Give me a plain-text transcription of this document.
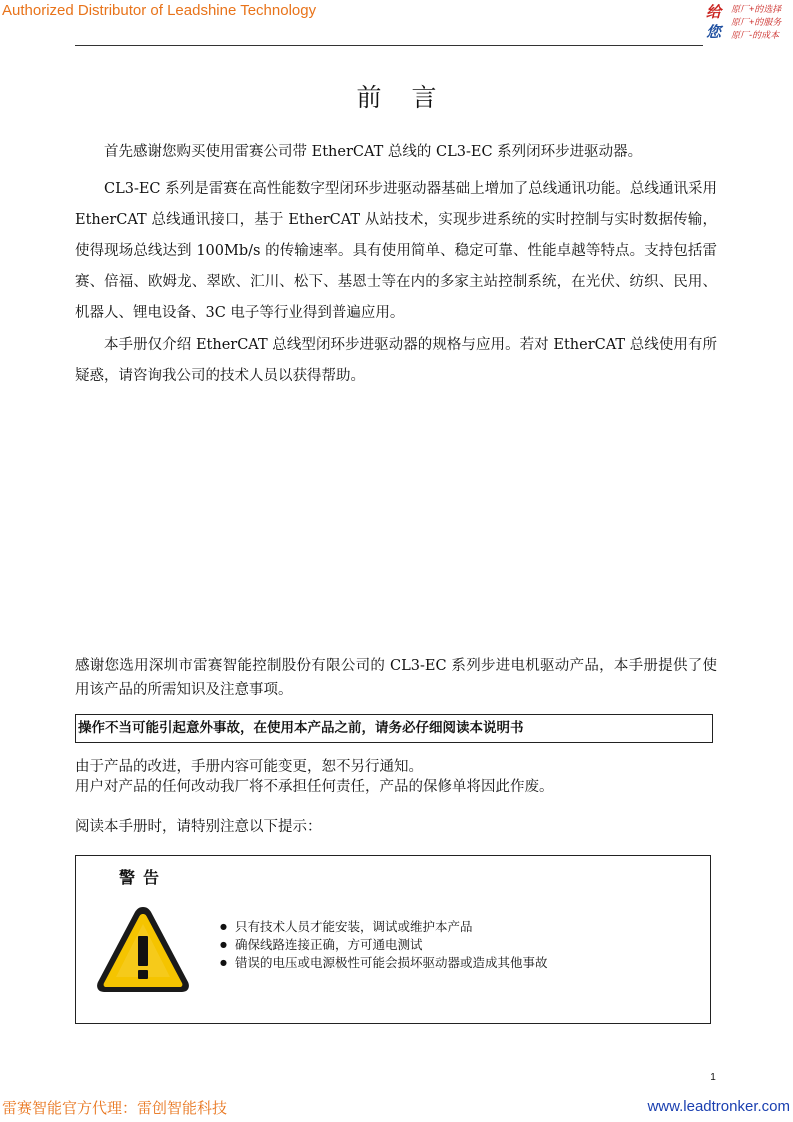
Authorized Distributor of Leadshine Technology	给
您
原厂+的选择
原厂+的服务
原厂-的成本
前言

首先感谢您购买使用雷赛公司带 EtherCAT 总线的 CL3-EC 系列闭环步进驱动器。

CL3-EC 系列是雷赛在高性能数字型闭环步进驱动器基础上增加了总线通讯功能。总线通讯采用 EtherCAT 总线通讯接口，基于 EtherCAT 从站技术，实现步进系统的实时控制与实时数据传输，使得现场总线达到 100Mb/s 的传输速率。具有使用简单、稳定可靠、性能卓越等特点。支持包括雷赛、倍福、欧姆龙、翠欧、汇川、松下、基恩士等在内的多家主站控制系统，在光伏、纺织、民用、机器人、锂电设备、3C 电子等行业得到普遍应用。

本手册仅介绍 EtherCAT 总线型闭环步进驱动器的规格与应用。若对 EtherCAT 总线使用有所疑惑，请咨询我公司的技术人员以获得帮助。

感谢您选用深圳市雷赛智能控制股份有限公司的 CL3-EC 系列步进电机驱动产品，本手册提供了使用该产品的所需知识及注意事项。

操作不当可能引起意外事故，在使用本产品之前，请务必仔细阅读本说明书

由于产品的改进，手册内容可能变更，恕不另行通知。

用户对产品的任何改动我厂将不承担任何责任，产品的保修单将因此作废。

阅读本手册时，请特别注意以下提示：

警告
● 只有技术人员才能安装，调试或维护本产品
● 确保线路连接正确，方可通电测试
● 错误的电压或电源极性可能会损坏驱动器或造成其他事故
1
雷赛智能官方代理：雷创智能科技	www.leadtronker.com
